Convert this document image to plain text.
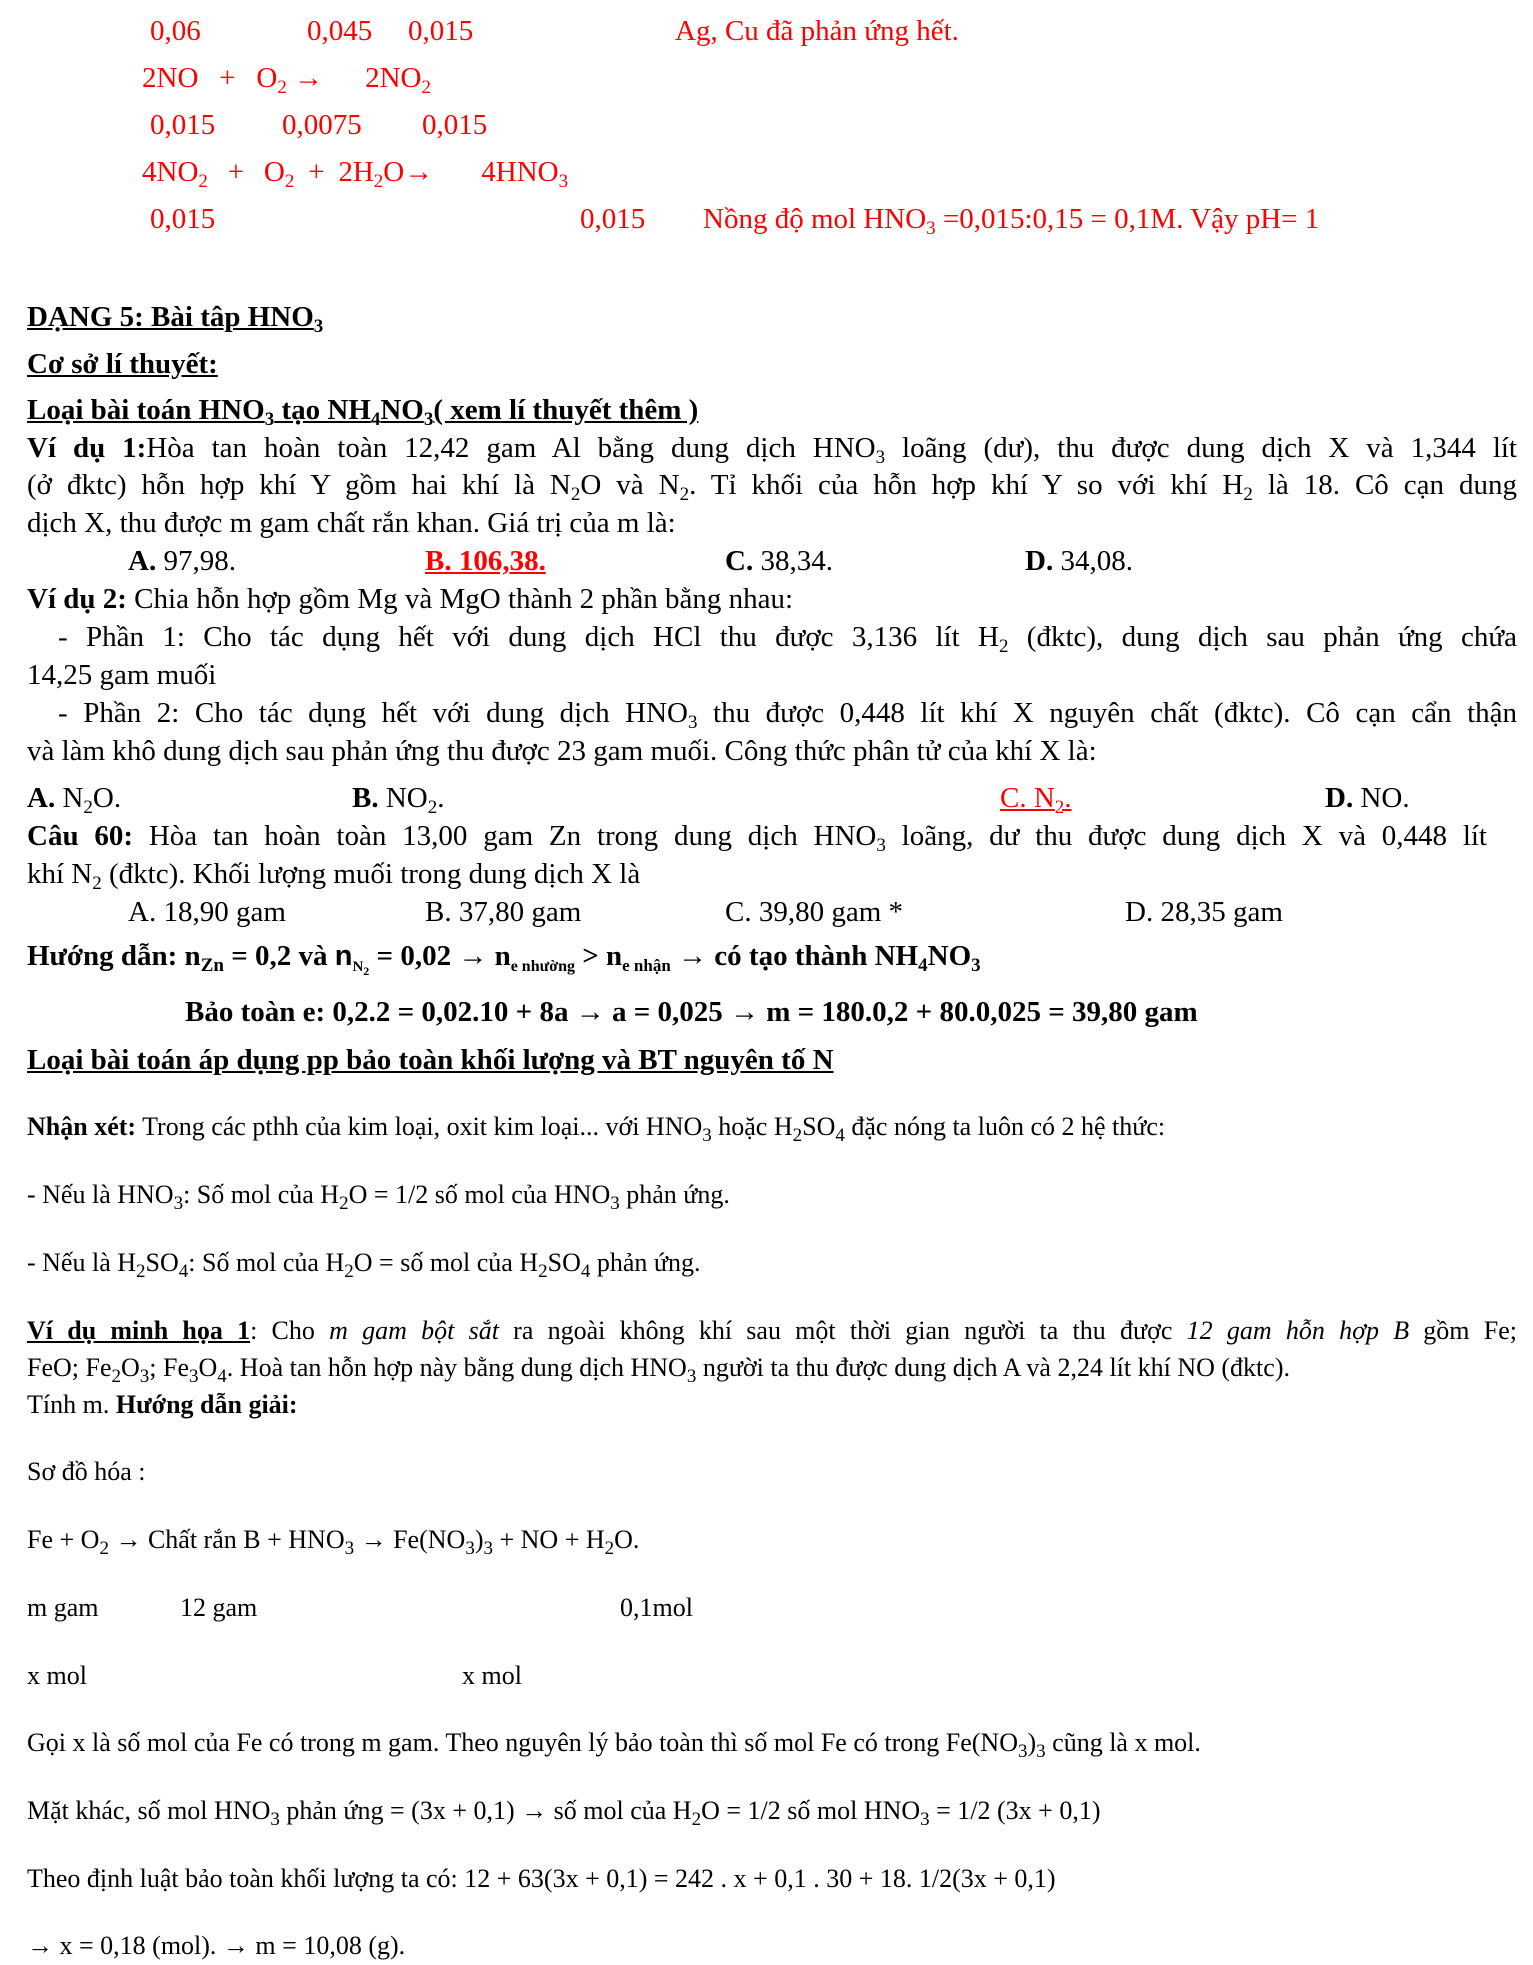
0,06	0,045 0,015	Ag, Cu đã phản ứng hết.
$2NO + O_2 \to 2NO_2$
0,015 0,0075 0,015
$4NO_2 + O_2 + 2H_2O\to 4HNO_3$
0,015	0,015 Nồng độ mol $HNO_3$ =0,015:0,15 = 0,1M. Vậy pH= 1
DẠNG 5: Bài tâp $HNO_3$
Cơ sở lí thuyết:
Loại bài toán $HNO_3$ tạo $NH_4NO_3$( xem lí thuyết thêm )
Ví dụ 1:Hòa tan hoàn toàn 12,42 gam Al bằng dung dịch $HNO_3$ loãng (dư), thu được dung dịch X và 1,344 lít
(ở đktc) hỗn hợp khí Y gồm hai khí là $N_2O$ và $N_2$. Tỉ khối của hỗn hợp khí Y so với khí $H_2$ là 18. Cô cạn dung
dịch X, thu được m gam chất rắn khan. Giá trị của m là:
A. 97,98.	B. 106,38.	C. 38,34.	D. 34,08.
Ví dụ 2: Chia hỗn hợp gồm Mg và MgO thành 2 phần bằng nhau:
- Phần 1: Cho tác dụng hết với dung dịch HCl thu được 3,136 lít $H_2$ (đktc), dung dịch sau phản ứng chứa
14,25 gam muối
- Phần 2: Cho tác dụng hết với dung dịch $HNO_3$ thu được 0,448 lít khí X nguyên chất (đktc). Cô cạn cẩn thận
và làm khô dung dịch sau phản ứng thu được 23 gam muối. Công thức phân tử của khí X là:
A. $N_2O$.	B. $NO_2$.	C. $N_2$.	D. NO.
Câu 60: Hòa tan hoàn toàn 13,00 gam Zn trong dung dịch $HNO_3$ loãng, dư thu được dung dịch X và 0,448 lít
khí $N_2$ (đktc). Khối lượng muối trong dung dịch X là
A. 18,90 gam	B. 37,80 gam	C. 39,80 gam *	D. 28,35 gam
Hướng dẫn: $n_{Zn} = 0,2$ và $n_{N_2} = 0,02 \to n_{e nhường} > n_{e nhận}$ → có tạo thành $NH_4NO_3$
Bảo toàn e: 0,2.2 = 0,02.10 + 8a → a = 0,025 → m = 180.0,2 + 80.0,025 = 39,80 gam
Loại bài toán áp dụng pp bảo toàn khối lượng và BT nguyên tố N
Nhận xét: Trong các pthh của kim loại, oxit kim loại... với $HNO_3$ hoặc $H_2SO_4$ đặc nóng ta luôn có 2 hệ thức:
- Nếu là $HNO_3$: Số mol của $H_2O = 1/2$ số mol của $HNO_3$ phản ứng.
- Nếu là $H_2SO_4$: Số mol của $H_2O$ = số mol của $H_2SO_4$ phản ứng.
Ví dụ minh họa 1: Cho m gam bột sắt ra ngoài không khí sau một thời gian người ta thu được 12 gam hỗn hợp B gồm Fe;
FeO; $Fe_2O_3$; $Fe_3O_4$. Hoà tan hỗn hợp này bằng dung dịch $HNO_3$ người ta thu được dung dịch A và 2,24 lít khí NO (đktc).
Tính m. Hướng dẫn giải:
Sơ đồ hóa :
$Fe + O_2$ → Chất rắn $B + HNO_3 \to Fe(NO_3)_3$ + NO + $H_2O$.
m gam	12 gam	0,1mol
x mol	x mol
Gọi x là số mol của Fe có trong m gam. Theo nguyên lý bảo toàn thì số mol Fe có trong $Fe(NO_3)_3$ cũng là x mol.
Mặt khác, số mol $HNO_3$ phản ứng = (3x + 0,1) → số mol của $H_2O = 1/2$ số mol $HNO_3 = 1/2$ (3x + 0,1)
Theo định luật bảo toàn khối lượng ta có: 12 + 63(3x + 0,1) = 242 . x + 0,1 . 30 + 18. 1/2(3x + 0,1)
→ x = 0,18 (mol). → m = 10,08 (g).
